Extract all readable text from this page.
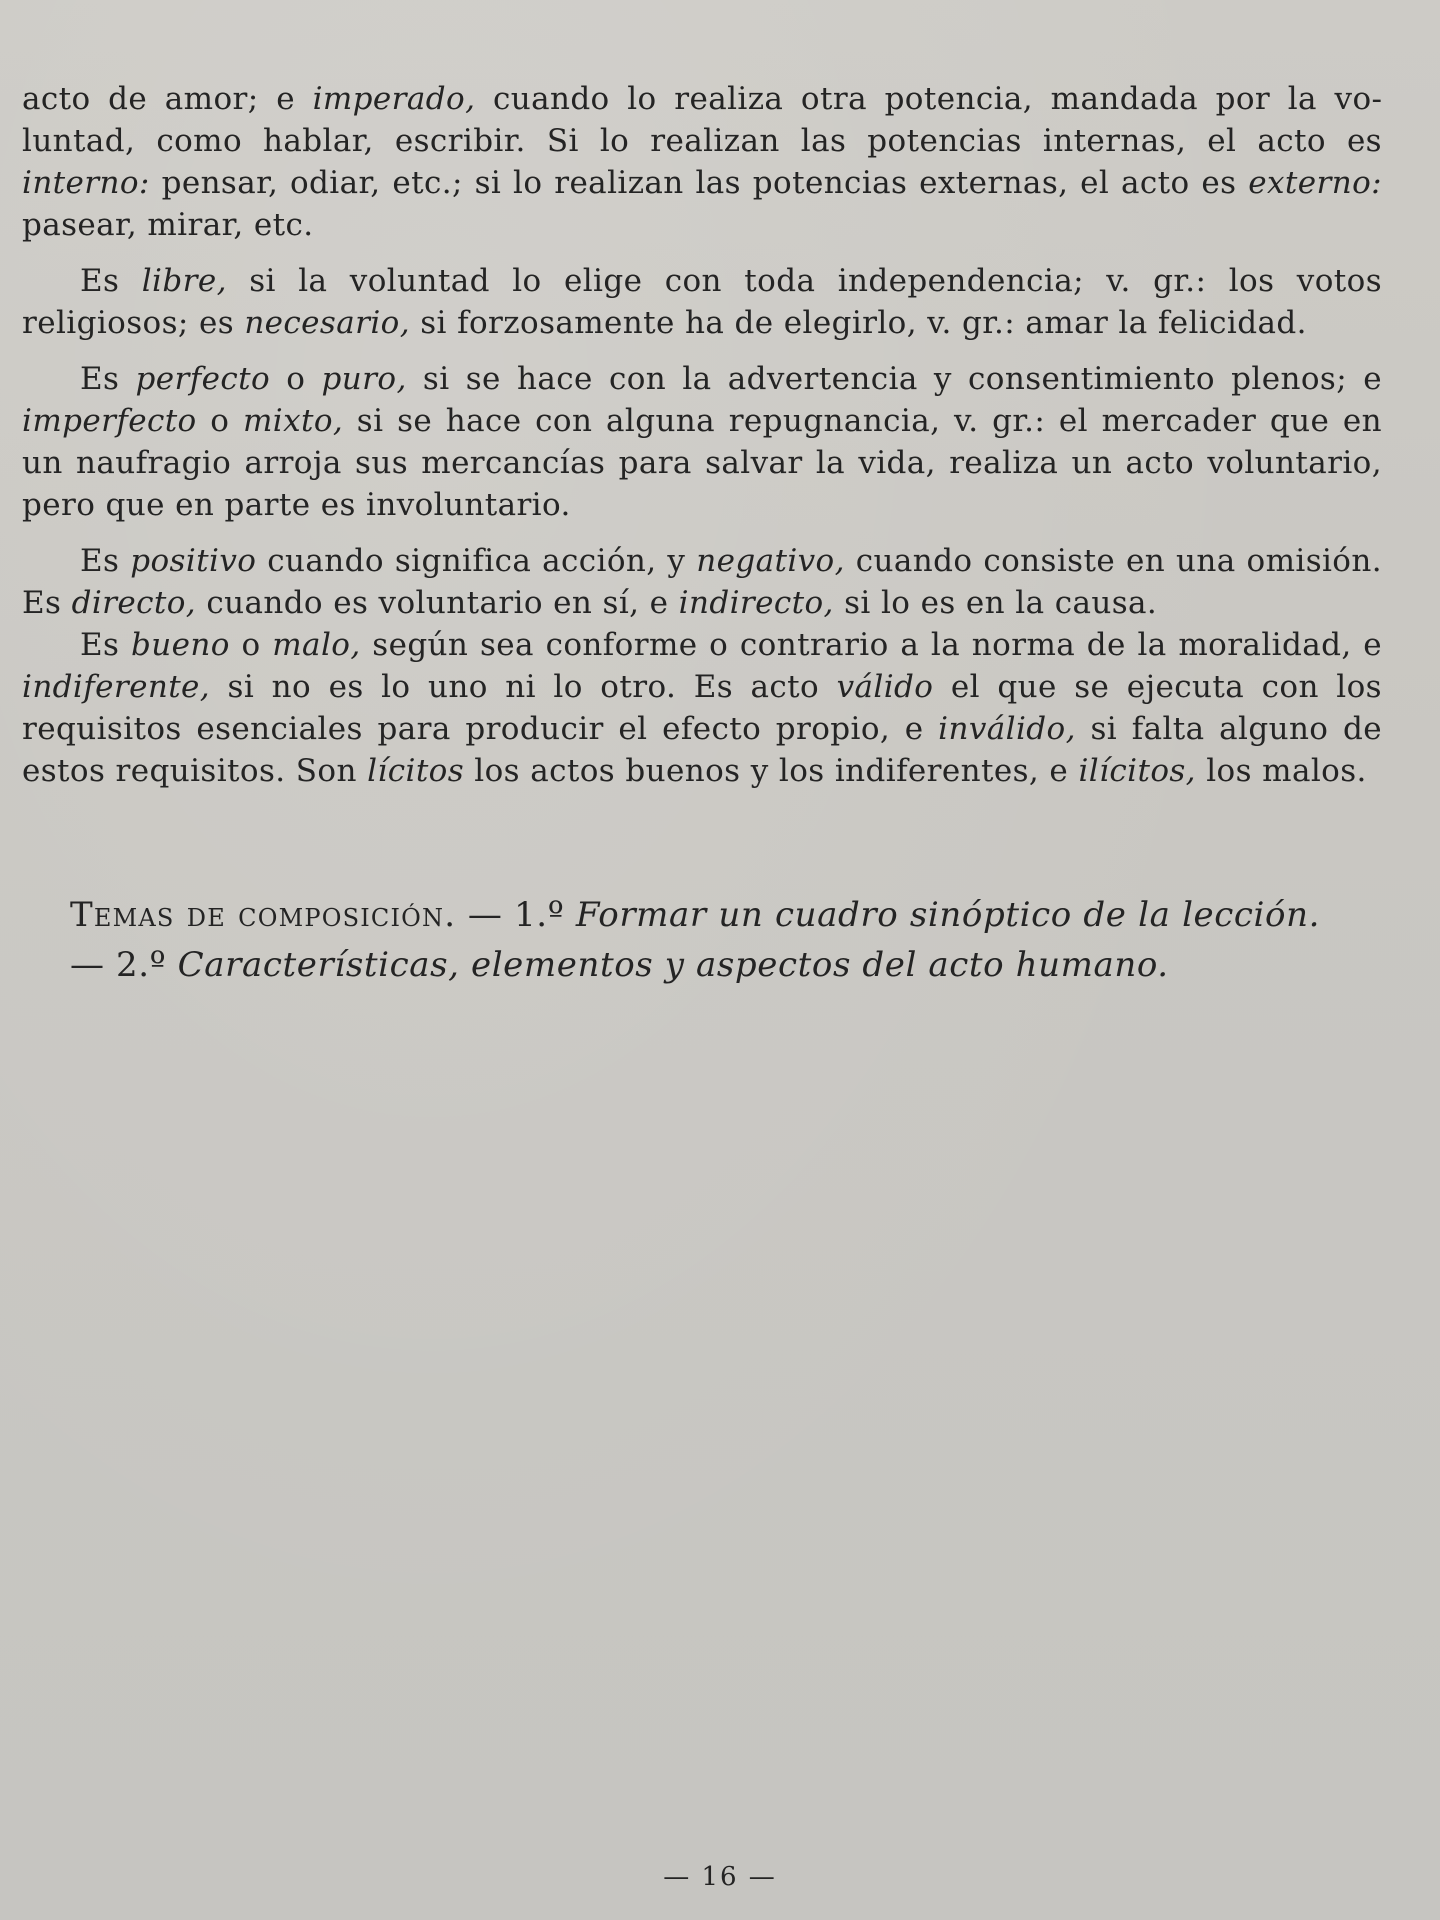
acto de amor; e imperado, cuando lo realiza otra potencia, mandada por la voluntad, como hablar, escribir. Si lo realizan las potencias internas, el acto es interno: pensar, odiar, etc.; si lo realizan las potencias externas, el acto es externo: pasear, mirar, etc.

Es libre, si la voluntad lo elige con toda independencia; v. gr.: los votos religiosos; es necesario, si forzosamente ha de elegirlo, v. gr.: amar la felicidad.

Es perfecto o puro, si se hace con la advertencia y consentimiento plenos; e imperfecto o mixto, si se hace con alguna repugnancia, v. gr.: el mercader que en un naufragio arroja sus mercancías para salvar la vida, realiza un acto voluntario, pero que en parte es involuntario.

Es positivo cuando significa acción, y negativo, cuando consiste en una omisión. Es directo, cuando es voluntario en sí, e indirecto, si lo es en la causa.

Es bueno o malo, según sea conforme o contrario a la norma de la moralidad, e indiferente, si no es lo uno ni lo otro. Es acto válido el que se ejecuta con los requisitos esenciales para producir el efecto propio, e inválido, si falta alguno de estos requisitos. Son lícitos los actos buenos y los indiferentes, e ilícitos, los malos.

Temas de composición. — 1.º Formar un cuadro sinóptico de la lección. — 2.º Características, elementos y aspectos del acto humano.
— 16 —
